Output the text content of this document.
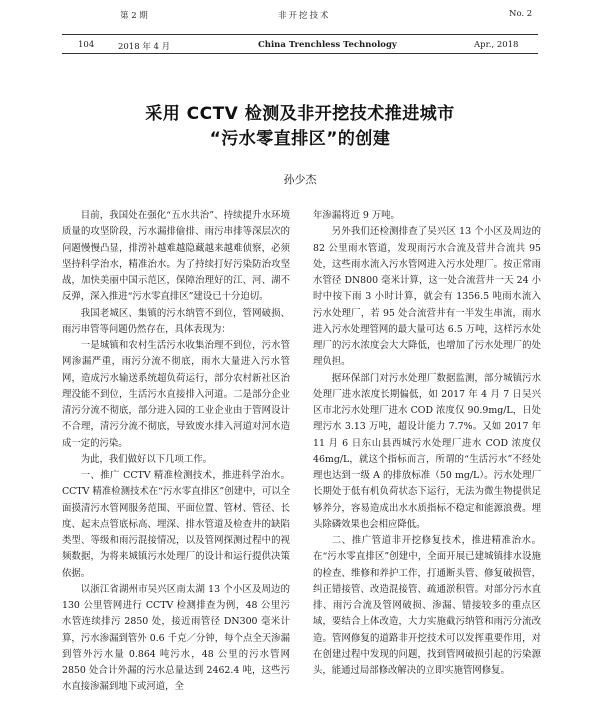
第 2 期	非开挖技术	No. 2
104	2018 年 4 月	China Trenchless Technology	Apr., 2018
采用 CCTV 检测及非开挖技术推进城市
“污水零直排区”的创建
孙少杰

目前，我国处在强化“五水共治”、持续提升水环境质量的攻坚阶段，污水漏排偷排、雨污串排等深层次的问题慢慢凸显，排涝补越难越隐藏越来越难侦察，必须坚持科学治水，精准治水。为了持续打好污染防治攻坚战，加快美丽中国示范区，保障治理好的江、河、湖不反弹，深入推进“污水零直排区”建设已十分迫切。

我国老城区、集镇的污水纳管不到位，管网破损、雨污串管等问题仍然存在，具体表现为：

一是城镇和农村生活污水收集治理不到位，污水管网渗漏严重，雨污分流不彻底，雨水大量进入污水管网，造成污水输送系统超负荷运行，部分农村新社区治理没能不到位，生活污水直接排入河道。二是部分企业清污分流不彻底，部分进入园的工业企业由于管网设计不合理，清污分流不彻底，导致废水排入河道对河水造成一定的污染。

为此，我们做好以下几项工作。

一、推广 CCTV 精准检测技术，推进科学治水。CCTV 精准检测技术在“污水零直排区”创建中，可以全面摸清污水管网服务范围、平面位置、管材、管径、长度、起末点管底标高、埋深、排水管道及检查井的缺陷类型、等级和雨污混接情况，以及管网探测过程中的视频数据，为将来城镇污水处理厂的设计和运行提供决策依据。

以浙江省湖州市吴兴区南太湖 13 个小区及周边的 130 公里管网进行 CCTV 检测排查为例，48 公里污水管连续排污 2850 处，接近雨管径 DN300 毫米计算，污水渗漏到管外 0.6 千克／分钟，每个点全天渗漏到管外污水量 0.864 吨污水，48 公里的污水管网 2850 处合计外漏的污水总量达到 2462.4 吨，这些污水直接渗漏到地下或河道，全

年渗漏将近 9 万吨。

另外我们还检测排查了吴兴区 13 个小区及周边的 82 公里雨水管道，发现雨污水合流及营井合流共 95 处，这些雨水流入污水管网进入污水处理厂。按正常雨水管径 DN800 毫米计算，这一处合流营井一天 24 小时中按下雨 3 小时计算，就会有 1356.5 吨雨水流入污水处理厂，若 95 处合流营井有一半发生串流，雨水进入污水处理管网的最大量可达 6.5 万吨，这样污水处理厂的污水浓度会大大降低，也增加了污水处理厂的处理负担。

据环保部门对污水处理厂数据监测，部分城镇污水处理厂进水浓度长期偏低，如 2017 年 4 月 7 日吴兴区市北污水处理厂进水 COD 浓度仅 90.9mg/L，日处理污水 3.13 万吨，超设计能力 7.7%。又如 2017 年 11 月 6 日东山县西城污水处理厂进水 COD 浓度仅 46mg/L，就这个指标而言，所谓的“生活污水”不经处理也达到一级 A 的排放标准（50 mg/L）。污水处理厂长期处于低有机负荷状态下运行，无法为微生物提供足够养分，容易造成出水水质指标不稳定和能源浪费。埋头除磷效果也会相应降低。

二、推广管道非开挖修复技术，推进精准治水。在“污水零直排区”创建中，全面开展已建城镇排水设施的检查、维修和养护工作，打通断头管、修复破损管，纠正错接管、改造混接管、疏通淤积管。对部分污水直排、雨污合流及管网破损、渗漏、错接较多的重点区域，要结合上体改造，大力实施截污纳管和雨污分流改造。管网修复的道路非开挖技术可以发挥重要作用，对在创建过程中发现的问题，找到管网破损引起的污染源头，能通过局部修改解决的立即实施管网修复。
